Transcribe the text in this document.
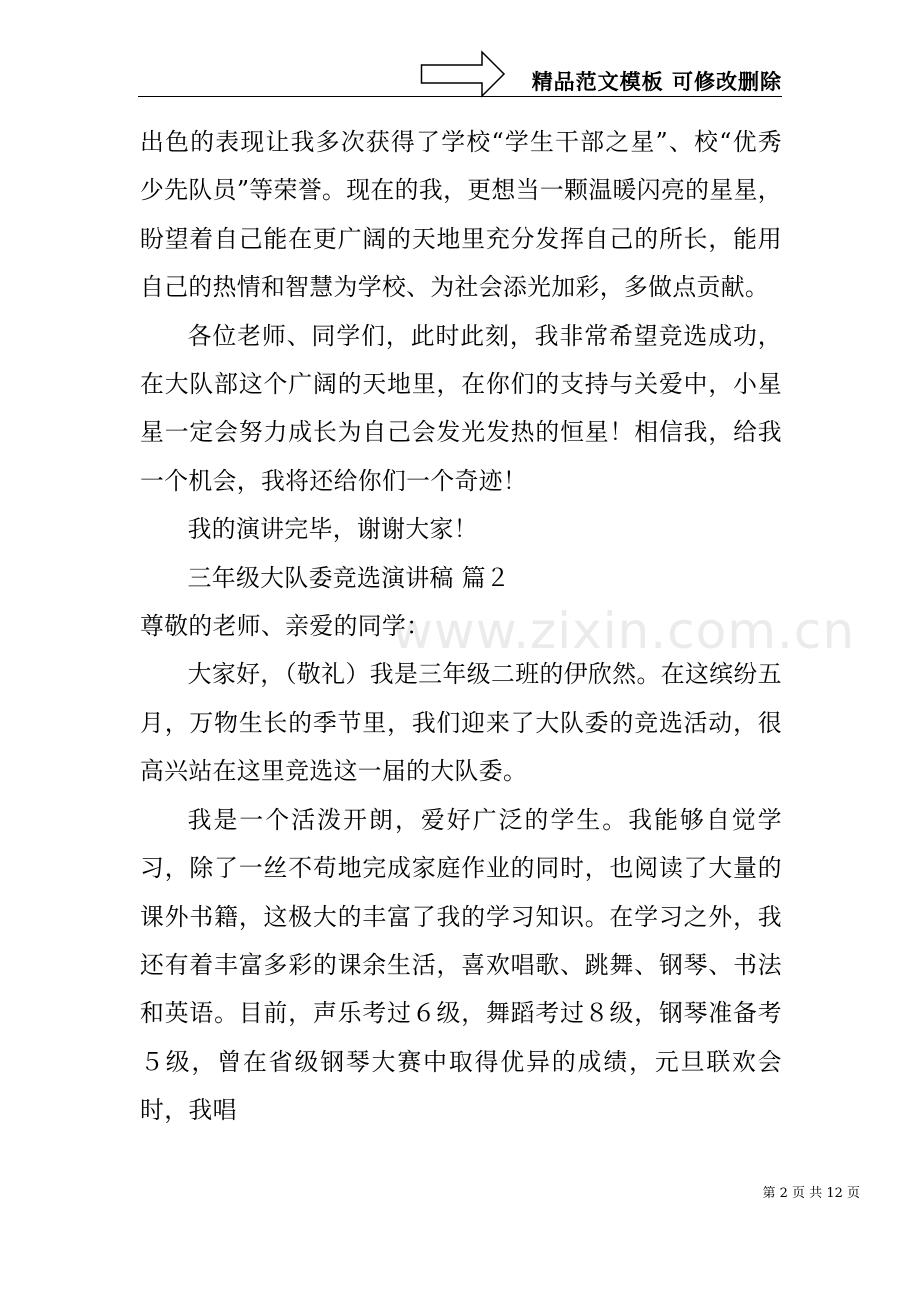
精品范文模板 可修改删除
www.zixin.com.cn

出色的表现让我多次获得了学校“学生干部之星”、校“优秀少先队员”等荣誉。现在的我，更想当一颗温暖闪亮的星星，盼望着自己能在更广阔的天地里充分发挥自己的所长，能用自己的热情和智慧为学校、为社会添光加彩，多做点贡献。

各位老师、同学们，此时此刻，我非常希望竞选成功，在大队部这个广阔的天地里，在你们的支持与关爱中，小星星一定会努力成长为自己会发光发热的恒星！相信我，给我一个机会，我将还给你们一个奇迹！

我的演讲完毕，谢谢大家！

三年级大队委竞选演讲稿 篇２

尊敬的老师、亲爱的同学：

大家好，（敬礼）我是三年级二班的伊欣然。在这缤纷五月，万物生长的季节里，我们迎来了大队委的竞选活动，很高兴站在这里竞选这一届的大队委。

我是一个活泼开朗，爱好广泛的学生。我能够自觉学习，除了一丝不苟地完成家庭作业的同时，也阅读了大量的课外书籍，这极大的丰富了我的学习知识。在学习之外，我还有着丰富多彩的课余生活，喜欢唱歌、跳舞、钢琴、书法和英语。目前，声乐考过６级，舞蹈考过８级，钢琴准备考５级，曾在省级钢琴大赛中取得优异的成绩，元旦联欢会时，我唱

第 2 页 共 12 页
